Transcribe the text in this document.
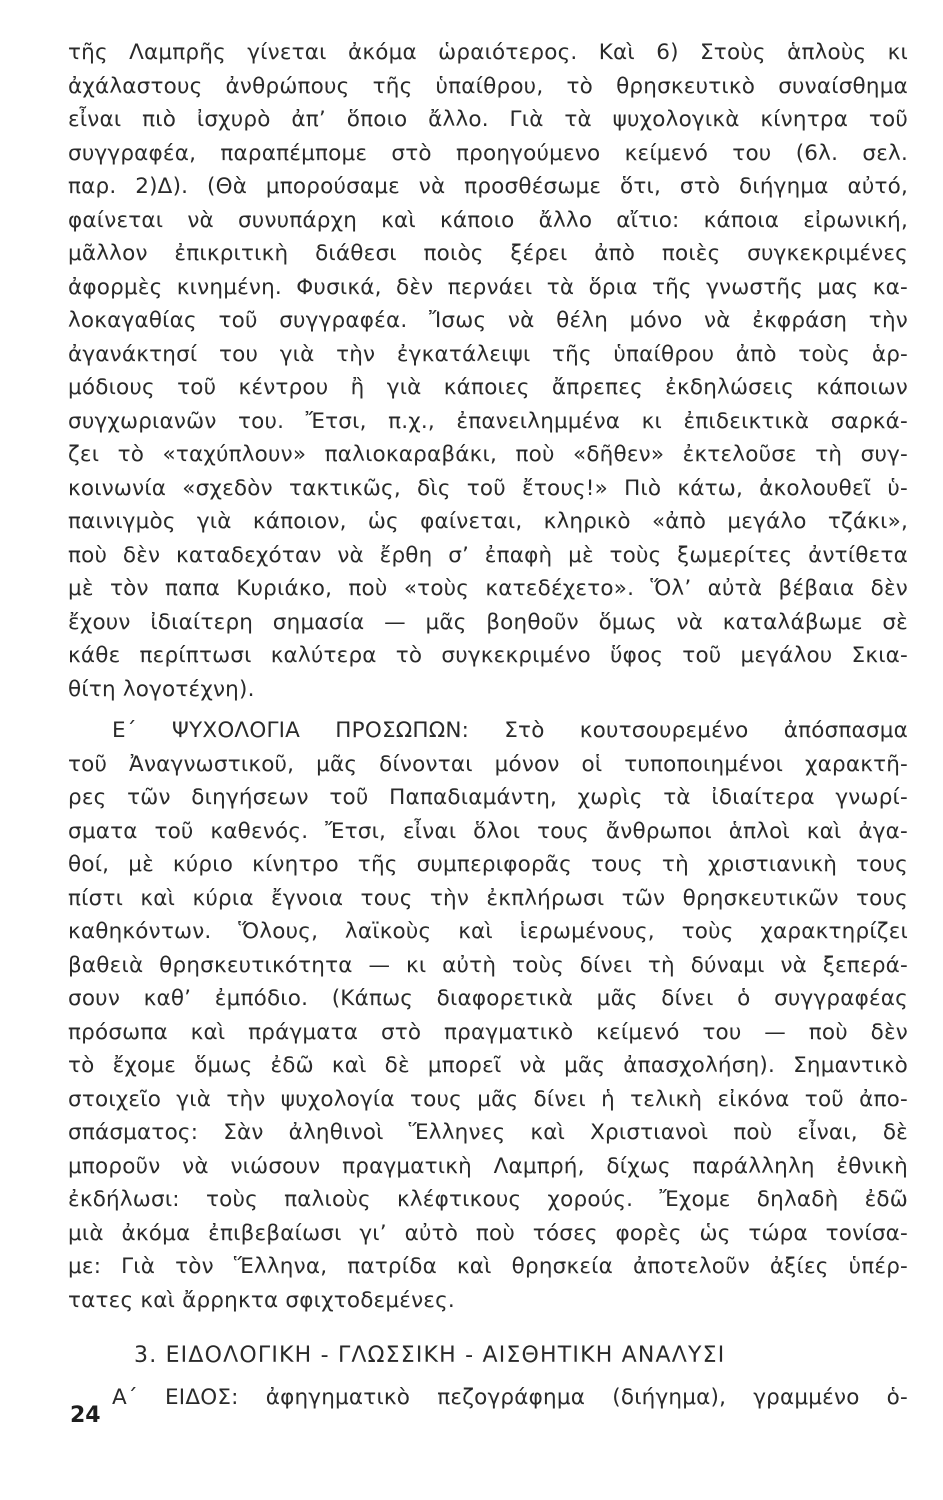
τῆς Λαμπρῆς γίνεται ἀκόμα ὡραιότερος. Καὶ 6) Στοὺς ἁπλοὺς κι
ἀχάλαστους ἀνθρώπους τῆς ὑπαίθρου, τὸ θρησκευτικὸ συναίσθημα
εἶναι πιὸ ἰσχυρὸ ἀπ’ ὅποιο ἄλλο. Γιὰ τὰ ψυχολογικὰ κίνητρα τοῦ
συγγραφέα, παραπέμπομε στὸ προηγούμενο κείμενό του (6λ. σελ.
παρ. 2)Δ). (Θὰ μπορούσαμε νὰ προσθέσωμε ὅτι, στὸ διήγημα αὐτό,
φαίνεται νὰ συνυπάρχη καὶ κάποιο ἄλλο αἴτιο: κάποια εἰρωνική,
μᾶλλον ἐπικριτικὴ διάθεσι ποιὸς ξέρει ἀπὸ ποιὲς συγκεκριμένες
ἀφορμὲς κινημένη. Φυσικά, δὲν περνάει τὰ ὅρια τῆς γνωστῆς μας κα-
λοκαγαθίας τοῦ συγγραφέα. Ἴσως νὰ θέλη μόνο νὰ ἐκφράση τὴν
ἀγανάκτησί του γιὰ τὴν ἐγκατάλειψι τῆς ὑπαίθρου ἀπὸ τοὺς ἁρ-
μόδιους τοῦ κέντρου ἢ γιὰ κάποιες ἄπρεπες ἐκδηλώσεις κάποιων
συγχωριανῶν του. Ἔτσι, π.χ., ἐπανειλημμένα κι ἐπιδεικτικὰ σαρκά-
ζει τὸ «ταχύπλουν» παλιοκαραβάκι, ποὺ «δῆθεν» ἐκτελοῦσε τὴ συγ-
κοινωνία «σχεδὸν τακτικῶς, δὶς τοῦ ἔτους!» Πιὸ κάτω, ἀκολουθεῖ ὑ-
παινιγμὸς γιὰ κάποιον, ὡς φαίνεται, κληρικὸ «ἀπὸ μεγάλο τζάκι»,
ποὺ δὲν καταδεχόταν νὰ ἔρθη σ’ ἐπαφὴ μὲ τοὺς ξωμερίτες ἀντίθετα
μὲ τὸν παπα Κυριάκο, ποὺ «τοὺς κατεδέχετο». Ὅλ’ αὐτὰ βέβαια δὲν
ἔχουν ἰδιαίτερη σημασία — μᾶς βοηθοῦν ὅμως νὰ καταλάβωμε σὲ
κάθε περίπτωσι καλύτερα τὸ συγκεκριμένο ὕφος τοῦ μεγάλου Σκια-
θίτη λογοτέχνη).
Ε΄ ΨΥΧΟΛΟΓΙΑ ΠΡΟΣΩΠΩΝ: Στὸ κουτσουρεμένο ἀπόσπασμα
τοῦ Ἀναγνωστικοῦ, μᾶς δίνονται μόνον οἱ τυποποιημένοι χαρακτῆ-
ρες τῶν διηγήσεων τοῦ Παπαδιαμάντη, χωρὶς τὰ ἰδιαίτερα γνωρί-
σματα τοῦ καθενός. Ἔτσι, εἶναι ὅλοι τους ἄνθρωποι ἁπλοὶ καὶ ἀγα-
θοί, μὲ κύριο κίνητρο τῆς συμπεριφορᾶς τους τὴ χριστιανικὴ τους
πίστι καὶ κύρια ἔγνοια τους τὴν ἐκπλήρωσι τῶν θρησκευτικῶν τους
καθηκόντων. Ὅλους, λαϊκοὺς καὶ ἱερωμένους, τοὺς χαρακτηρίζει
βαθειὰ θρησκευτικότητα — κι αὐτὴ τοὺς δίνει τὴ δύναμι νὰ ξεπερά-
σουν καθ’ ἐμπόδιο. (Κάπως διαφορετικὰ μᾶς δίνει ὁ συγγραφέας
πρόσωπα καὶ πράγματα στὸ πραγματικὸ κείμενό του — ποὺ δὲν
τὸ ἔχομε ὅμως ἐδῶ καὶ δὲ μπορεῖ νὰ μᾶς ἀπασχολήση). Σημαντικὸ
στοιχεῖο γιὰ τὴν ψυχολογία τους μᾶς δίνει ἡ τελικὴ εἰκόνα τοῦ ἀπο-
σπάσματος: Σὰν ἀληθινοὶ Ἕλληνες καὶ Χριστιανοὶ ποὺ εἶναι, δὲ
μποροῦν νὰ νιώσουν πραγματικὴ Λαμπρή, δίχως παράλληλη ἐθνικὴ
ἐκδήλωσι: τοὺς παλιοὺς κλέφτικους χορούς. Ἔχομε δηλαδὴ ἐδῶ
μιὰ ἀκόμα ἐπιβεβαίωσι γι’ αὐτὸ ποὺ τόσες φορὲς ὡς τώρα τονίσα-
με: Γιὰ τὸν Ἕλληνα, πατρίδα καὶ θρησκεία ἀποτελοῦν ἀξίες ὑπέρ-
τατες καὶ ἄρρηκτα σφιχτοδεμένες.
3. ΕΙΔΟΛΟΓΙΚΗ - ΓΛΩΣΣΙΚΗ - ΑΙΣΘΗΤΙΚΗ ΑΝΑΛΥΣΙ
Α΄ ΕΙΔΟΣ: ἀφηγηματικὸ πεζογράφημα (διήγημα), γραμμένο ὁ-
24
